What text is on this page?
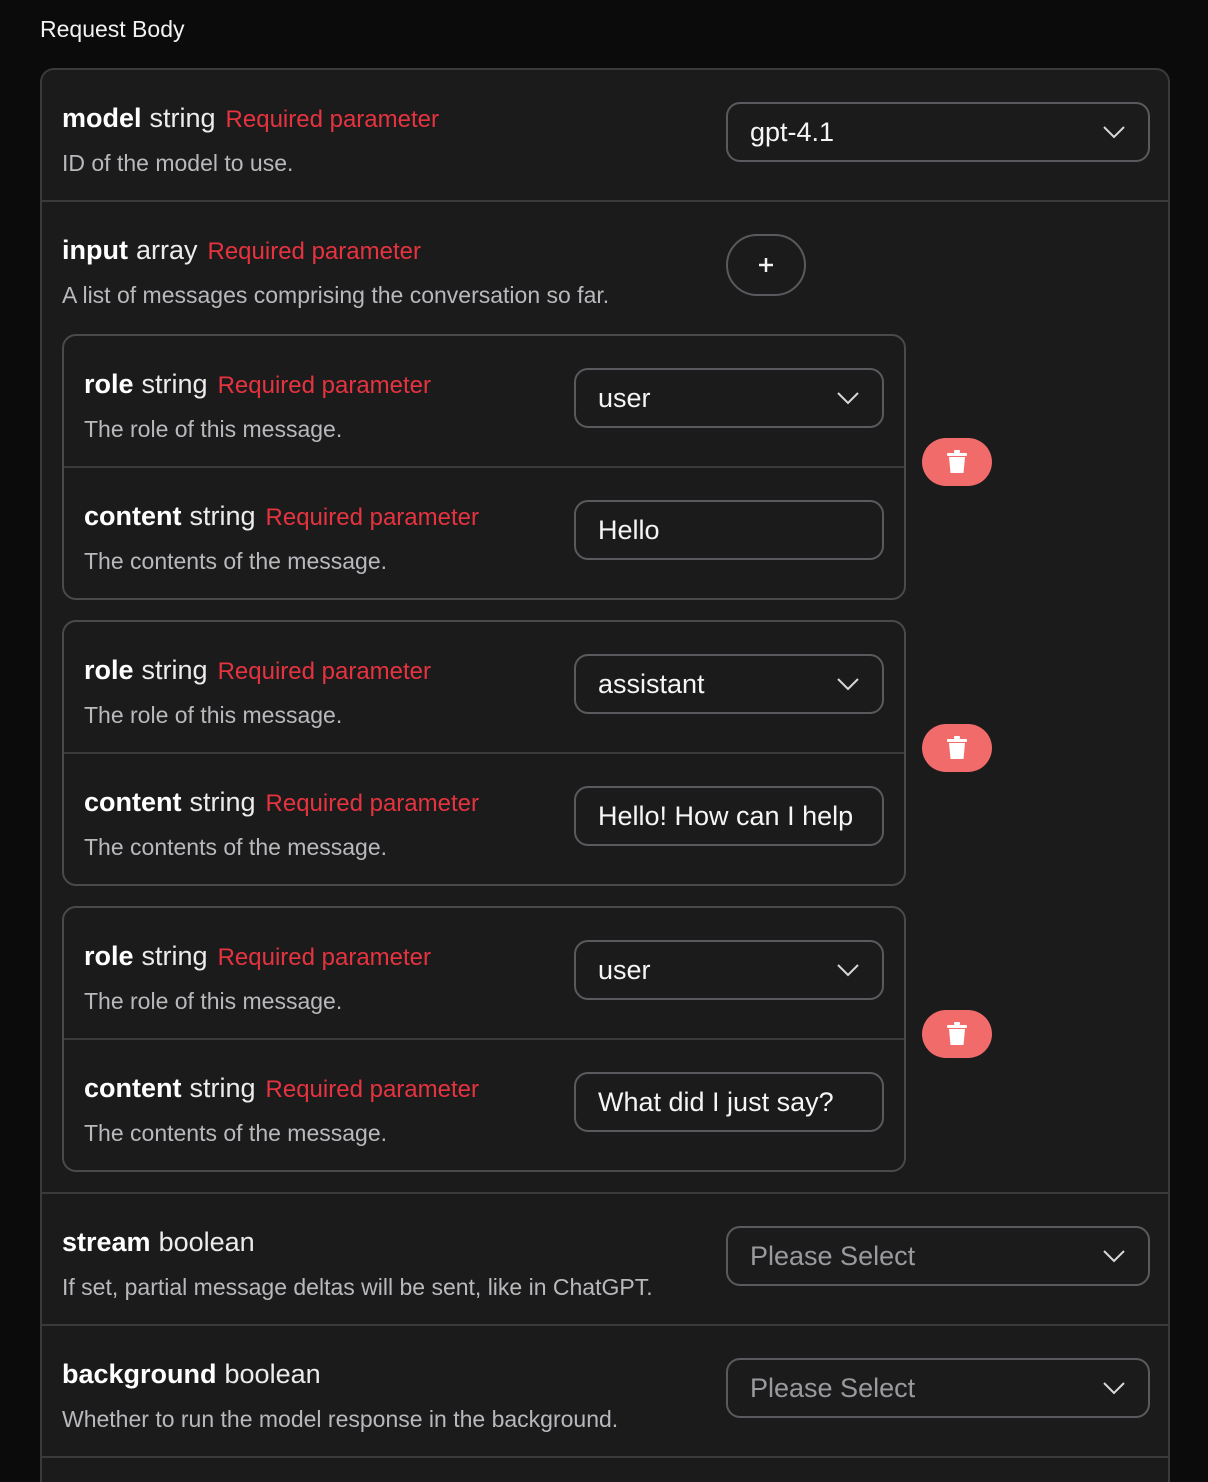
Request Body
model string Required parameter
ID of the model to use.
gpt-4.1
input array Required parameter
A list of messages comprising the conversation so far.
role string Required parameter
The role of this message.
user
content string Required parameter
The contents of the message.
Hello
role string Required parameter
The role of this message.
assistant
content string Required parameter
The contents of the message.
Hello! How can I help
role string Required parameter
The role of this message.
user
content string Required parameter
The contents of the message.
What did I just say?
stream boolean
If set, partial message deltas will be sent, like in ChatGPT.
Please Select
background boolean
Whether to run the model response in the background.
Please Select
